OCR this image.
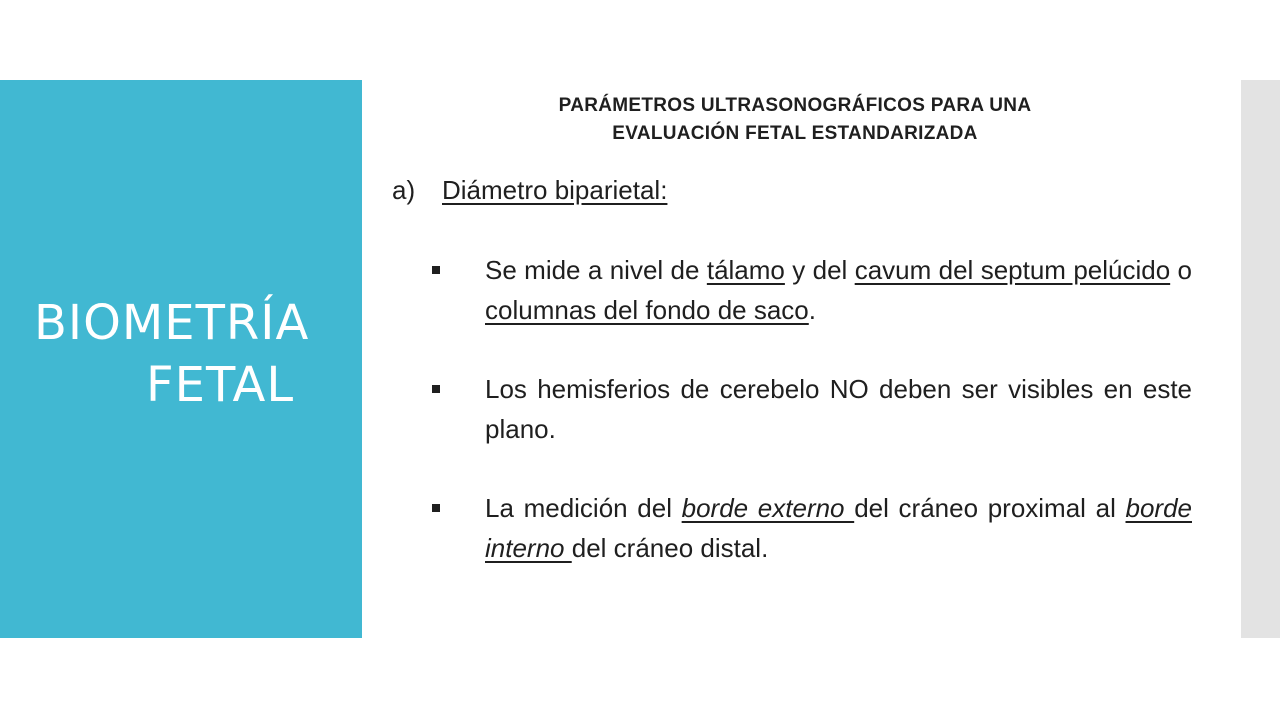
BIOMETRÍA
FETAL
PARÁMETROS ULTRASONOGRÁFICOS PARA UNA
EVALUACIÓN FETAL ESTANDARIZADA
a) Diámetro biparietal:
Se mide a nivel de tálamo y del cavum del septum pelúcido o columnas del fondo de saco.
Los hemisferios de cerebelo NO deben ser visibles en este plano.
La medición del borde externo del cráneo proximal al borde interno del cráneo distal.
